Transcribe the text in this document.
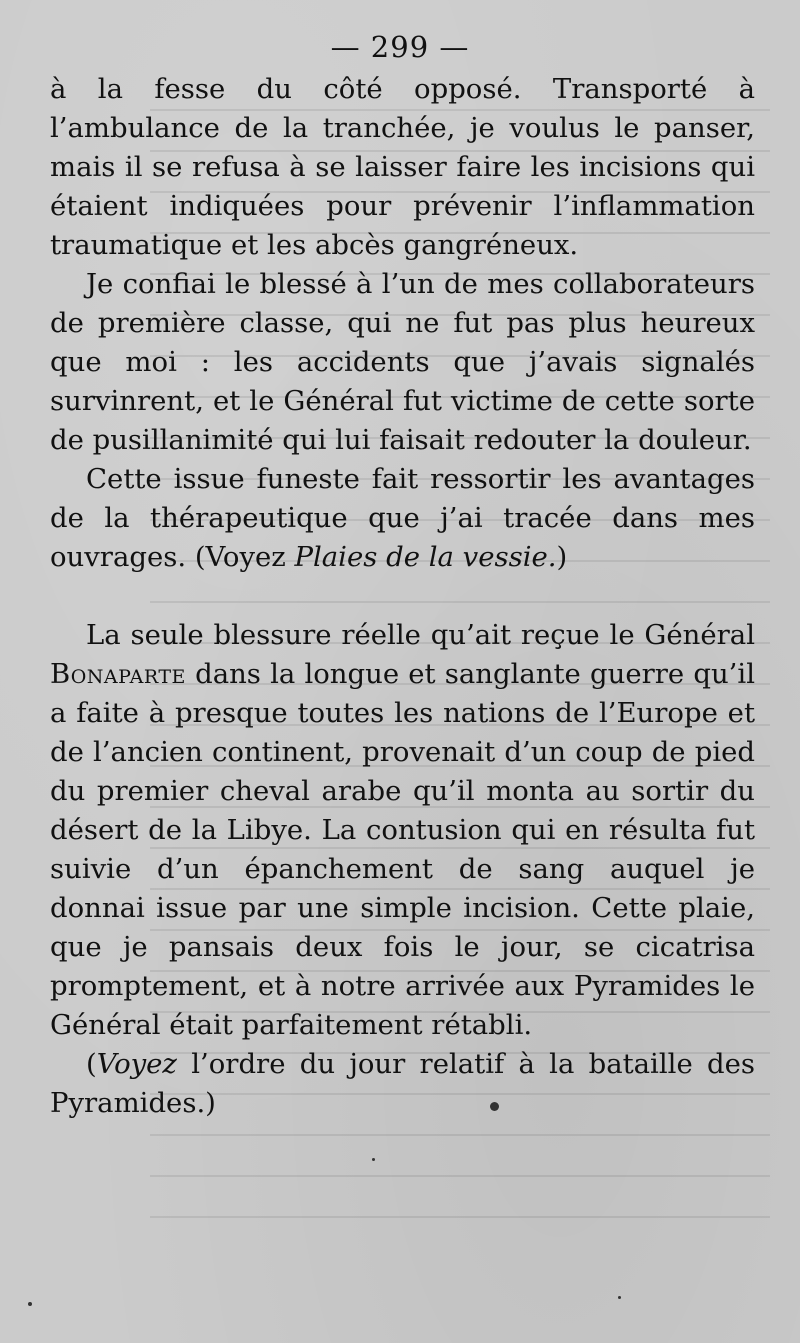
— 299 —

à la fesse du côté opposé. Transporté à l’ambulance de la tranchée, je voulus le panser, mais il se refusa à se laisser faire les incisions qui étaient indiquées pour prévenir l’inflammation traumatique et les abcès gangréneux.

Je confiai le blessé à l’un de mes collaborateurs de première classe, qui ne fut pas plus heureux que moi : les accidents que j’avais signalés survinrent, et le Général fut victime de cette sorte de pusillanimité qui lui faisait redouter la douleur.

Cette issue funeste fait ressortir les avantages de la thérapeutique que j’ai tracée dans mes ouvrages. (Voyez Plaies de la vessie.)

La seule blessure réelle qu’ait reçue le Général Bonaparte dans la longue et sanglante guerre qu’il a faite à presque toutes les nations de l’Europe et de l’ancien continent, provenait d’un coup de pied du premier cheval arabe qu’il monta au sortir du désert de la Libye. La contusion qui en résulta fut suivie d’un épanchement de sang auquel je donnai issue par une simple incision. Cette plaie, que je pansais deux fois le jour, se cicatrisa promptement, et à notre arrivée aux Pyramides le Général était parfaitement rétabli.

(Voyez l’ordre du jour relatif à la bataille des Pyramides.)
